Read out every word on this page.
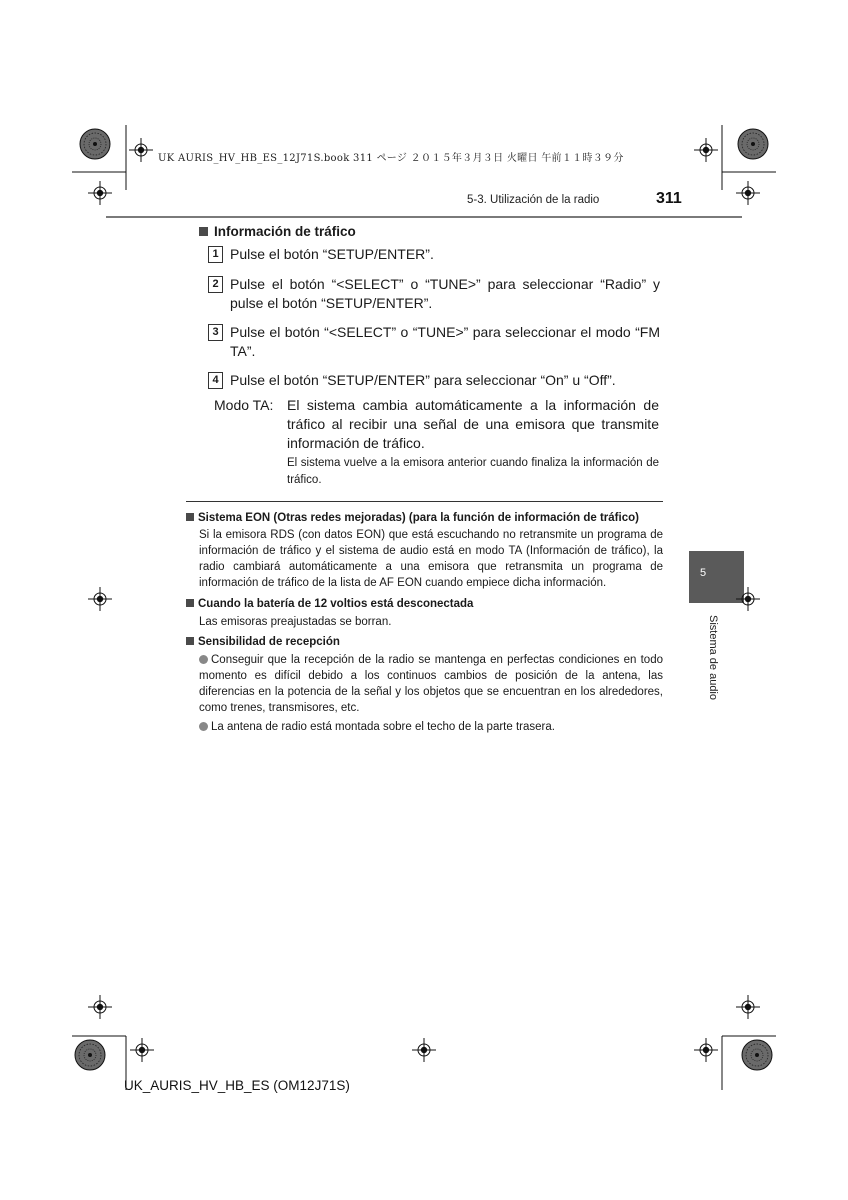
UK AURIS_HV_HB_ES_12J71S.book 311 ページ ２０１５年３月３日 火曜日 午前１１時３９分
5-3. Utilización de la radio	311
Información de tráfico
1 Pulse el botón “SETUP/ENTER”.
2 Pulse el botón “<SELECT” o “TUNE>” para seleccionar “Radio” y pulse el botón “SETUP/ENTER”.
3 Pulse el botón “<SELECT” o “TUNE>” para seleccionar el modo “FM TA”.
4 Pulse el botón “SETUP/ENTER” para seleccionar “On” u “Off”.
Modo TA: El sistema cambia automáticamente a la información de tráfico al recibir una señal de una emisora que transmite información de tráfico.
El sistema vuelve a la emisora anterior cuando finaliza la información de tráfico.
Sistema EON (Otras redes mejoradas) (para la función de información de tráfico)
Si la emisora RDS (con datos EON) que está escuchando no retransmite un programa de información de tráfico y el sistema de audio está en modo TA (Información de tráfico), la radio cambiará automáticamente a una emisora que retransmita un programa de información de tráfico de la lista de AF EON cuando empiece dicha información.
Cuando la batería de 12 voltios está desconectada
Las emisoras preajustadas se borran.
Sensibilidad de recepción
Conseguir que la recepción de la radio se mantenga en perfectas condiciones en todo momento es difícil debido a los continuos cambios de posición de la antena, las diferencias en la potencia de la señal y los objetos que se encuentran en los alrededores, como trenes, transmisores, etc.
La antena de radio está montada sobre el techo de la parte trasera.
5
Sistema de audio
UK_AURIS_HV_HB_ES (OM12J71S)
